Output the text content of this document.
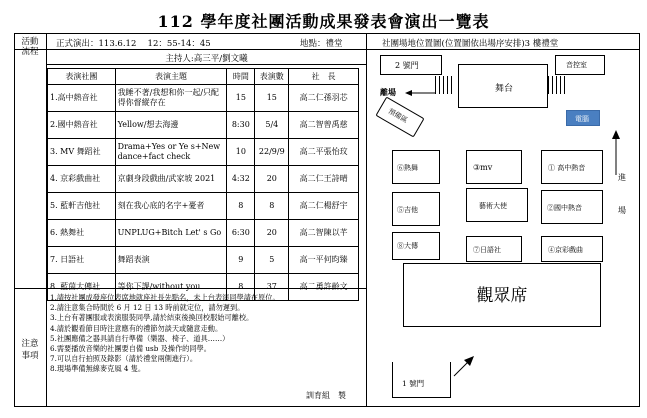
112 學年度社團活動成果發表會演出一覽表
活動
流程
注意
事項
正式演出：113.6.12　 12：55-14：45	地點：禮堂
主持人:高三平/劉文曦
社團場地位置圖(位置圖依出場序安排)3 樓禮堂
表演社團	表演主題	時間	表演數	社　長
1.高中熱音社	我睡不著/我想和你一起/只配得你督縱存在	15	15	高二仁孫羽芯
2.國中熱音社	Yellow/想去海邊	8:30	5/4	高二智曾禹慈
3. MV 舞蹈社	Drama+Yes or Ye s+New dance+fact check	10	22/9/9	高二平張怡玟
4. 京彩戲曲社	京劇身段戲曲/武家坡 2021	4:32	20	高二仁王詩晴
5. 藍軒吉他社	刻在我心底的名字+憂者	8	8	高二仁楊舒宇
6. 熱舞社	UNPLUG+Bitch Let' s Go	6:30	20	高二智陳以芊
7. 日語社	舞蹈表演	9	5	高一平何昀臻
8. 藍茵大傳社	等你下課/without you	8	37	高二勇許齡文
1.請按社團成發座位表席地就座社長先點名，未上台表演同學請在原位。
2.請注意集合時間於 6 月 12 日 13 時前就定位，請勿遲到。
3.上台有著團服或表演服裝同學,請於結束後換回校服始可離校。
4.請於觀看節目時注意應有的禮節勿談天或隨意走動。
5.社團應備之器具請自行準備（樂器、椅子、道具……）
6.需要播放音樂的社團要自備 usb 及操作的同學。
7.可以自行拍照及錄影（請於禮堂兩側進行）。
8.現場準備無線麥克風 4 隻。
訓育組　製
2 號門	音控室
舞台
離場
預備區	電腦
進
場
⑥熱舞	③mv	① 高中熱音
⑤吉他	藝術大使	②國中熱音
⑧大傳	⑦日語社	④京彩戲曲
觀眾席
1 號門
